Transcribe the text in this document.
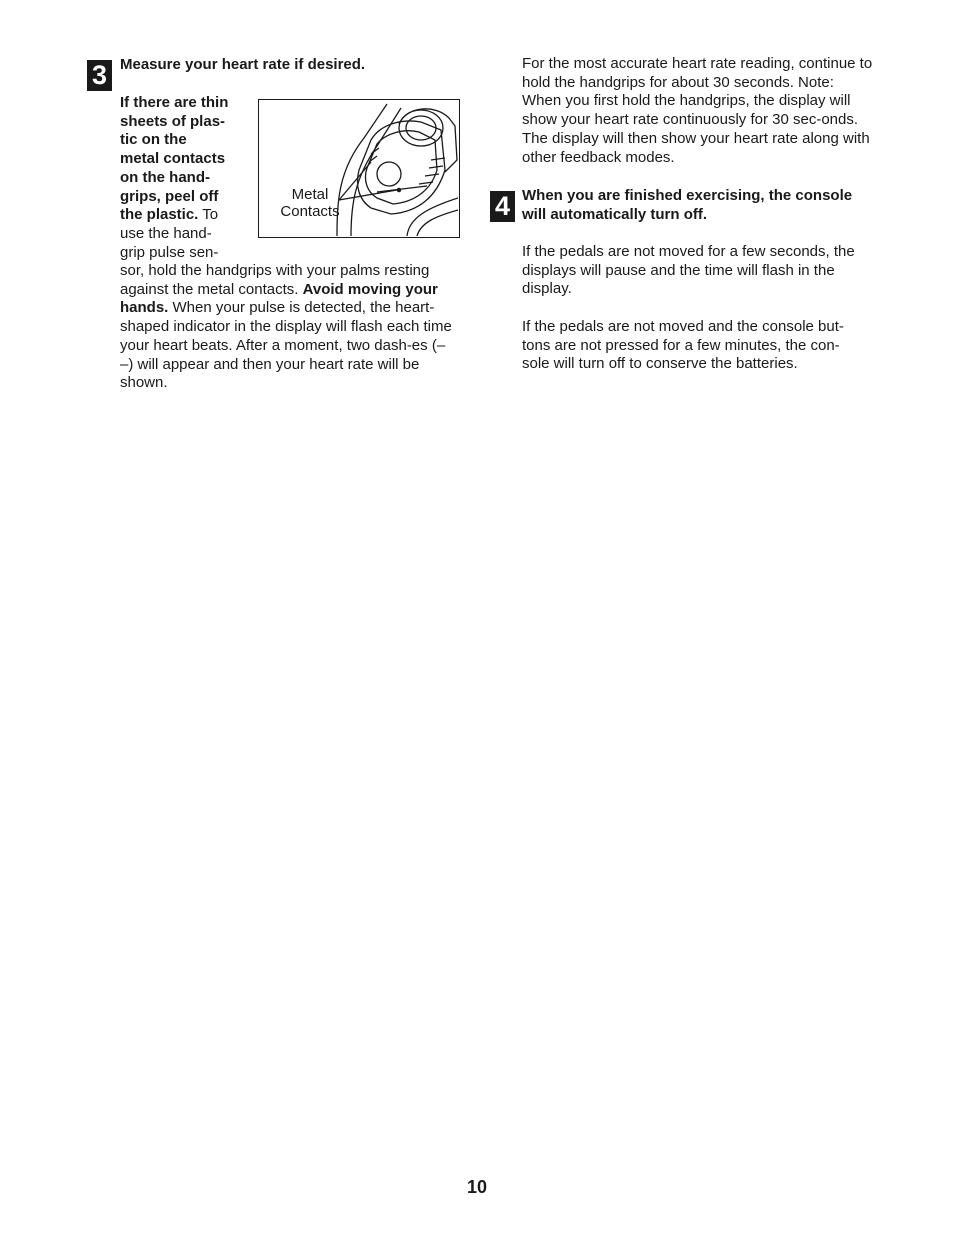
3 Measure your heart rate if desired.
If there are thin
sheets of plas-
tic on the
metal contacts
on the hand-
grips, peel off
the plastic. To
use the hand-
grip pulse sen-

sor, hold the handgrips with your palms resting against the metal contacts. Avoid moving your hands. When your pulse is detected, the heart-shaped indicator in the display will flash each time your heart beats. After a moment, two dash-es (– –) will appear and then your heart rate will be shown.

Metal
Contacts

For the most accurate heart rate reading, continue to hold the handgrips for about 30 seconds. Note: When you first hold the handgrips, the display will show your heart rate continuously for 30 sec-onds. The display will then show your heart rate along with other feedback modes.

4 When you are finished exercising, the console will automatically turn off.

If the pedals are not moved for a few seconds, the displays will pause and the time will flash in the display.

If the pedals are not moved and the console but-tons are not pressed for a few minutes, the con-sole will turn off to conserve the batteries.

10
